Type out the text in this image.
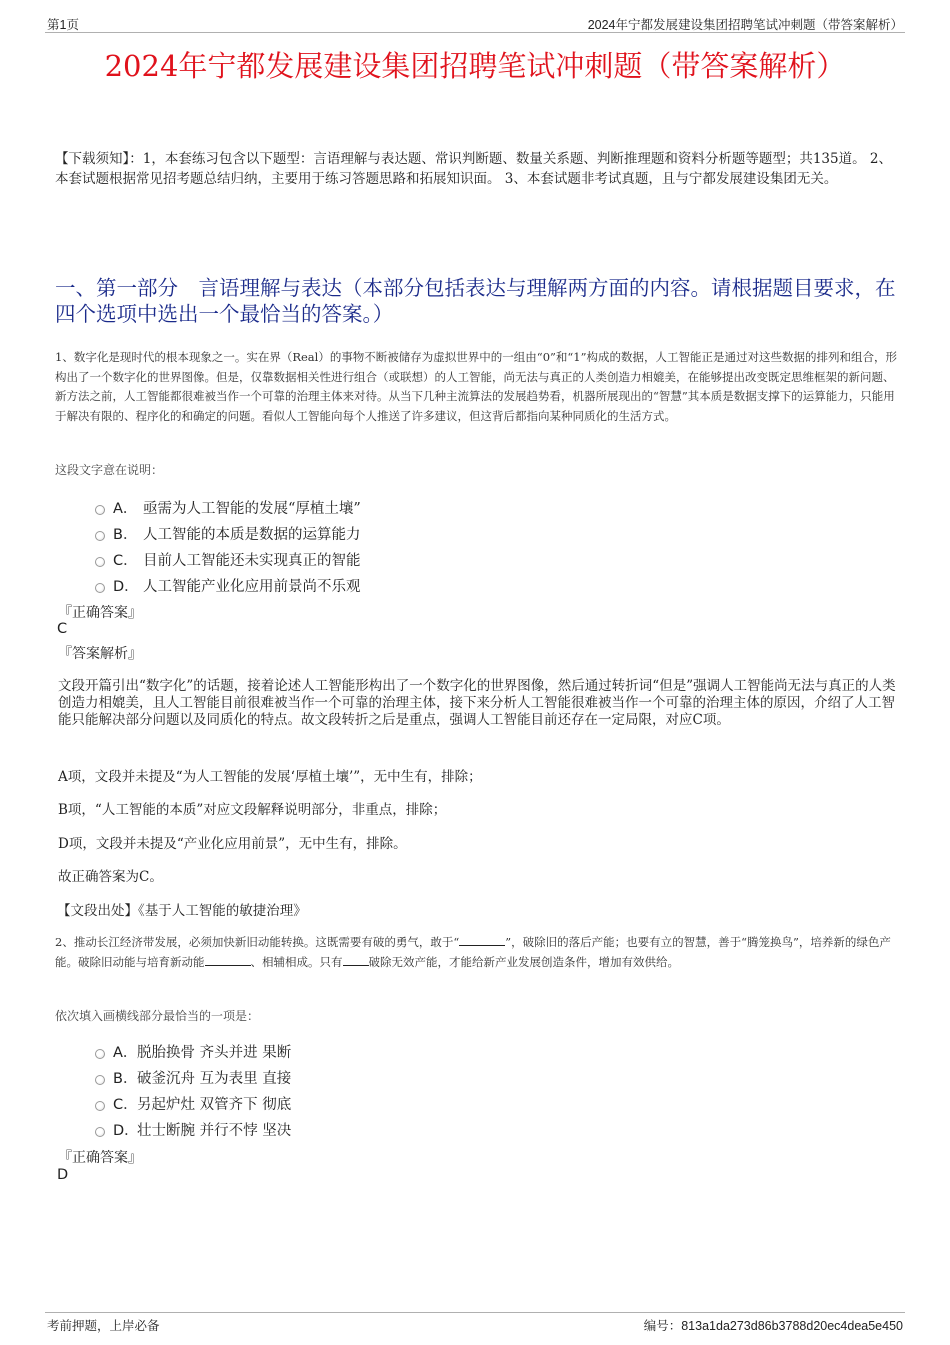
第1页	2024年宁都发展建设集团招聘笔试冲刺题（带答案解析）
2024年宁都发展建设集团招聘笔试冲刺题（带答案解析）
【下载须知】：1，本套练习包含以下题型：言语理解与表达题、常识判断题、数量关系题、判断推理题和资料分析题等题型；共135道。 2、本套试题根据常见招考题总结归纳，主要用于练习答题思路和拓展知识面。 3、本套试题非考试真题，且与宁都发展建设集团无关。
一、第一部分　言语理解与表达（本部分包括表达与理解两方面的内容。请根据题目要求，在四个选项中选出一个最恰当的答案。）
1、数字化是现时代的根本现象之一。实在界（Real）的事物不断被储存为虚拟世界中的一组由“0”和“1”构成的数据，人工智能正是通过对这些数据的排列和组合，形构出了一个数字化的世界图像。但是，仅靠数据相关性进行组合（或联想）的人工智能，尚无法与真正的人类创造力相媲美，在能够提出改变既定思维框架的新问题、新方法之前，人工智能都很难被当作一个可靠的治理主体来对待。从当下几种主流算法的发展趋势看，机器所展现出的“智慧”其本质是数据支撑下的运算能力，只能用于解决有限的、程序化的和确定的问题。看似人工智能向每个人推送了许多建议，但这背后都指向某种同质化的生活方式。
这段文字意在说明：
A． 亟需为人工智能的发展“厚植土壤”
B． 人工智能的本质是数据的运算能力
C． 目前人工智能还未实现真正的智能
D． 人工智能产业化应用前景尚不乐观
『正确答案』
C
『答案解析』
文段开篇引出“数字化”的话题，接着论述人工智能形构出了一个数字化的世界图像，然后通过转折词“但是”强调人工智能尚无法与真正的人类创造力相媲美，且人工智能目前很难被当作一个可靠的治理主体，接下来分析人工智能很难被当作一个可靠的治理主体的原因，介绍了人工智能只能解决部分问题以及同质化的特点。故文段转折之后是重点，强调人工智能目前还存在一定局限，对应C项。
A项，文段并未提及“为人工智能的发展‘厚植土壤’”，无中生有，排除；
B项，“人工智能的本质”对应文段解释说明部分，非重点，排除；
D项，文段并未提及“产业化应用前景”，无中生有，排除。
故正确答案为C。
【文段出处】《基于人工智能的敏捷治理》
2、推动长江经济带发展，必须加快新旧动能转换。这既需要有破的勇气，敢于“	”，破除旧的落后产能；也要有立的智慧，善于“腾笼换鸟”，培养新的绿色产能。破除旧动能与培育新动能	、相辅相成。只有 破除无效产能，才能给新产业发展创造条件，增加有效供给。
依次填入画横线部分最恰当的一项是：
A． 脱胎换骨 齐头并进 果断
B． 破釜沉舟 互为表里 直接
C． 另起炉灶 双管齐下 彻底
D．
壮士断腕 并行不悖 坚决
『正确答案』
D
考前押题，上岸必备	编号：813a1da273d86b3788d20ec4dea5e450
